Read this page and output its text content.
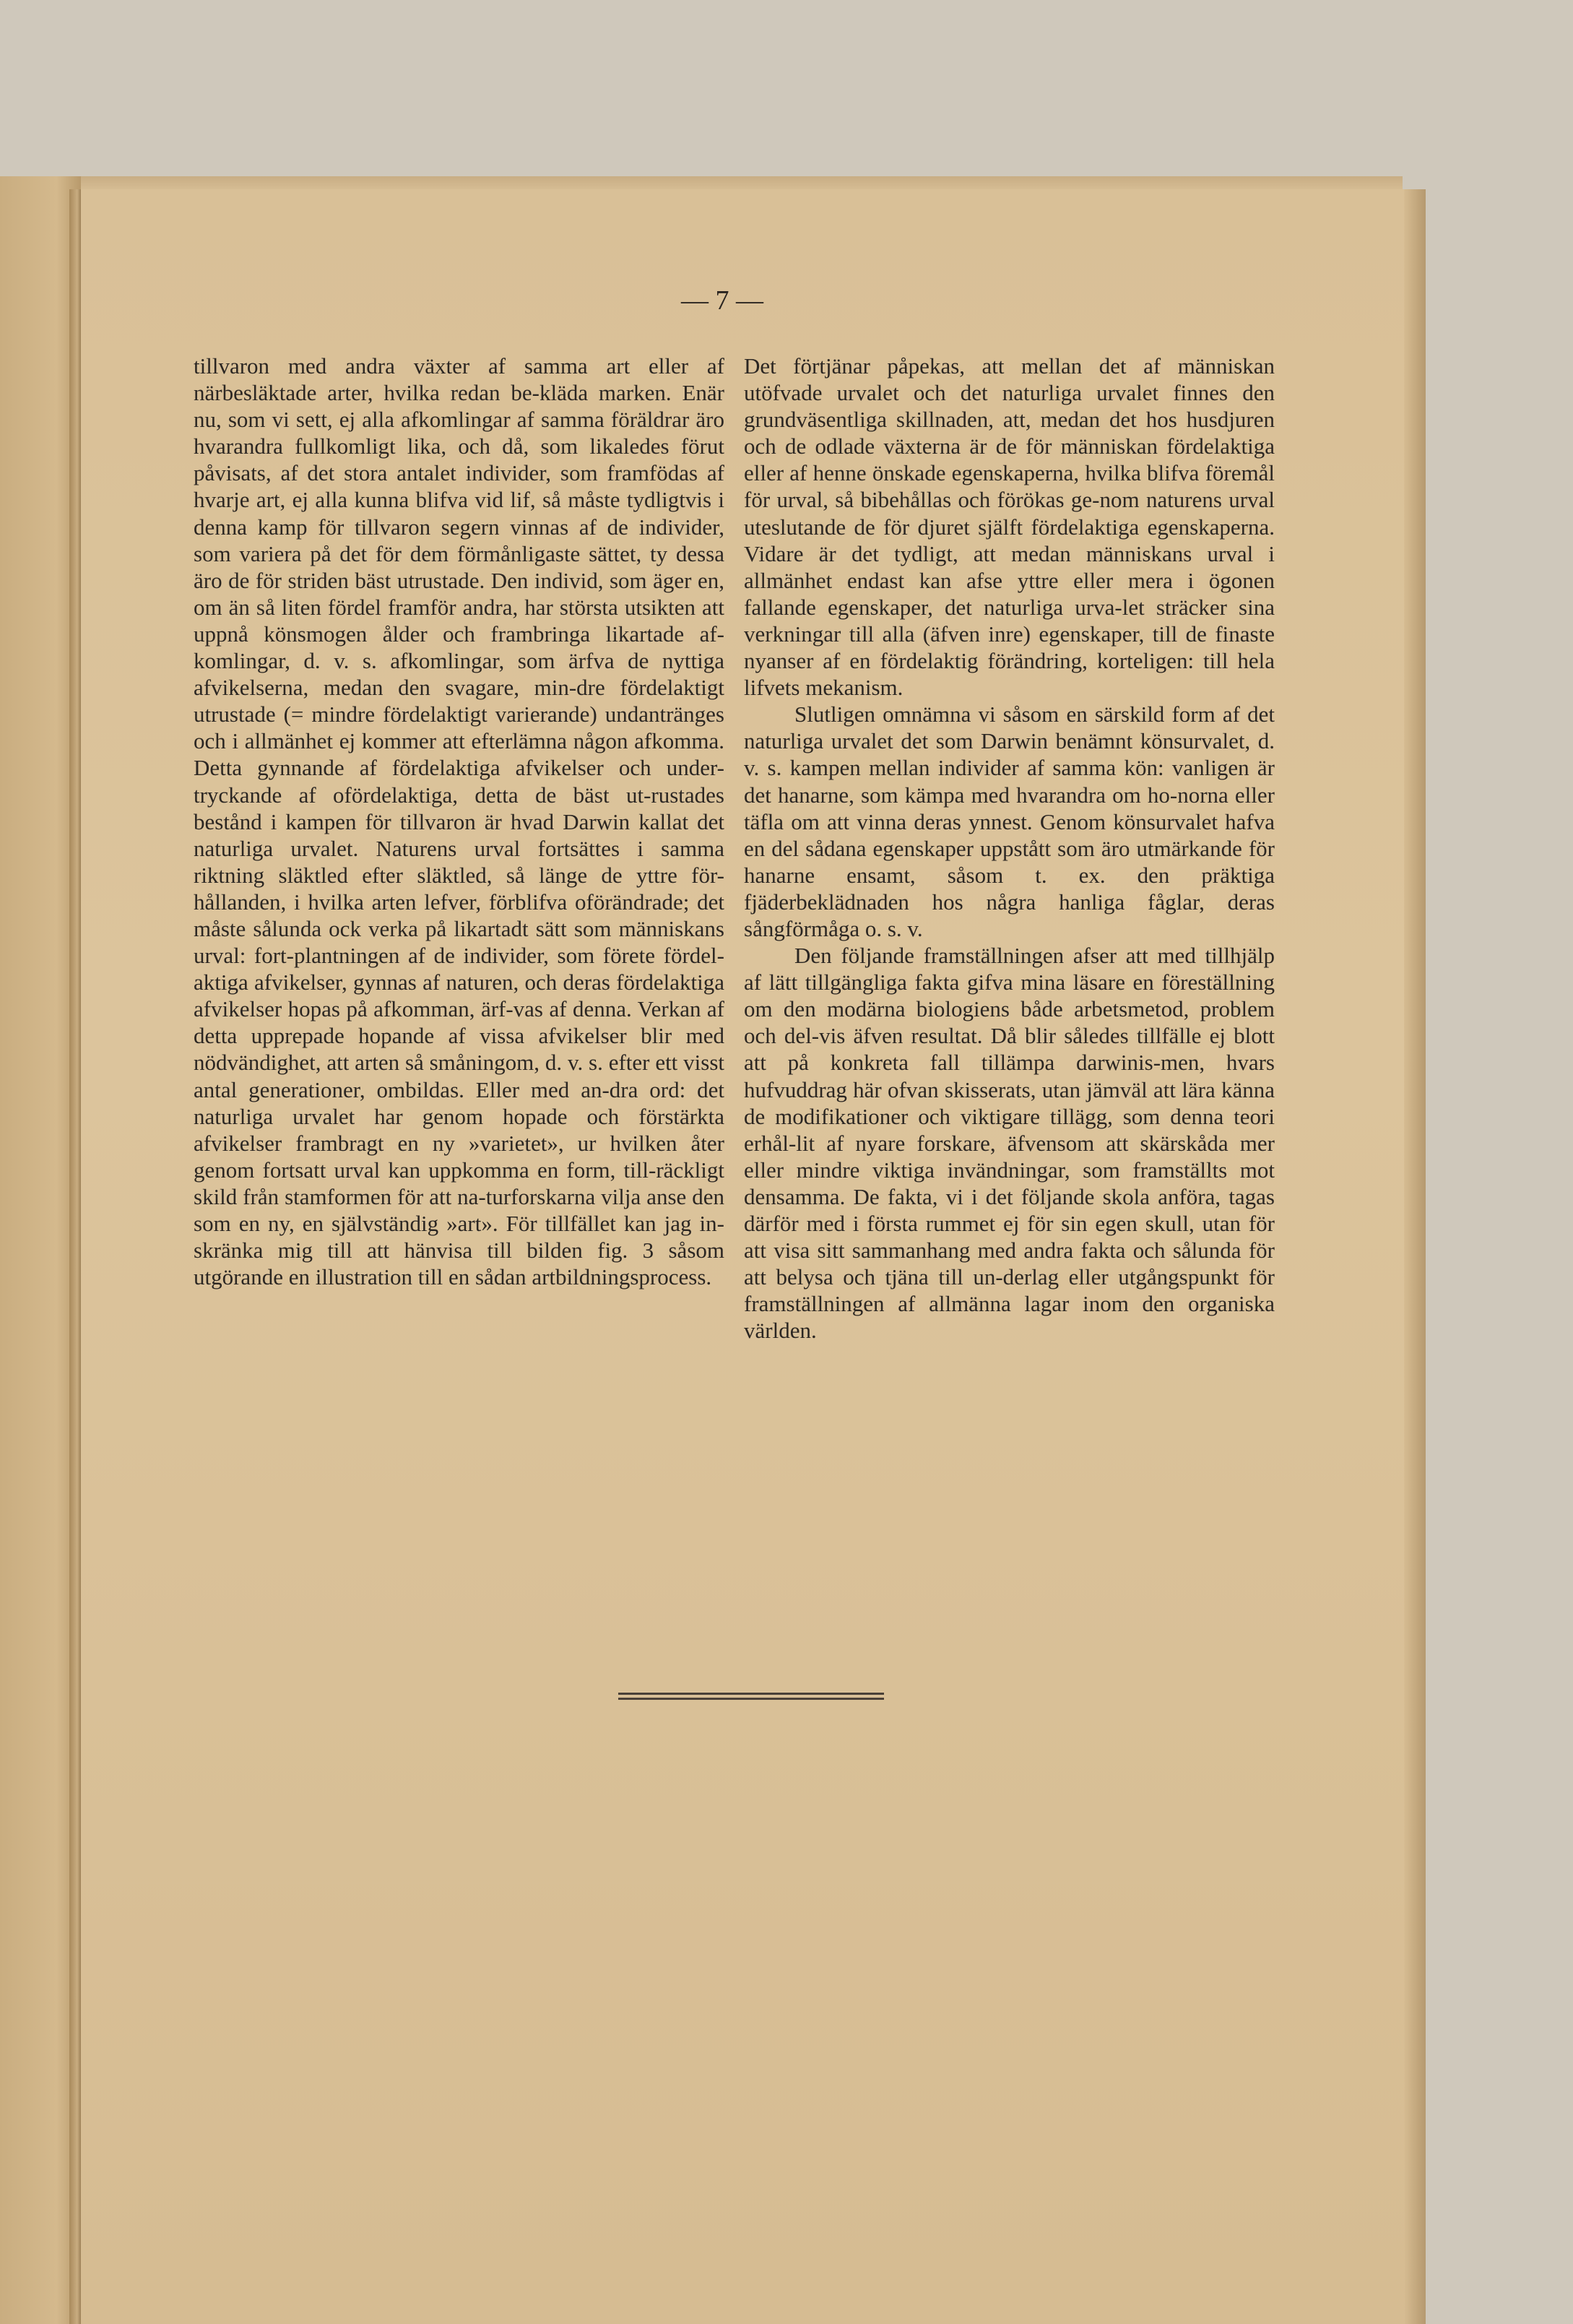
— 7 —

tillvaron med andra växter af samma art eller af närbesläktade arter, hvilka redan be-kläda marken. Enär nu, som vi sett, ej alla afkomlingar af samma föräldrar äro hvarandra fullkomligt lika, och då, som likaledes förut påvisats, af det stora antalet individer, som framfödas af hvarje art, ej alla kunna blifva vid lif, så måste tydligtvis i denna kamp för tillvaron segern vinnas af de individer, som variera på det för dem förmånligaste sättet, ty dessa äro de för striden bäst utrustade. Den individ, som äger en, om än så liten fördel framför andra, har största utsikten att uppnå könsmogen ålder och frambringa likartade af-komlingar, d. v. s. afkomlingar, som ärfva de nyttiga afvikelserna, medan den svagare, min-dre fördelaktigt utrustade (= mindre fördelaktigt varierande) undantränges och i allmänhet ej kommer att efterlämna någon afkomma. Detta gynnande af fördelaktiga afvikelser och under-tryckande af ofördelaktiga, detta de bäst ut-rustades bestånd i kampen för tillvaron är hvad Darwin kallat det naturliga urvalet. Naturens urval fortsättes i samma riktning släktled efter släktled, så länge de yttre för-hållanden, i hvilka arten lefver, förblifva oförändrade; det måste sålunda ock verka på likartadt sätt som människans urval: fort-plantningen af de individer, som förete fördel-aktiga afvikelser, gynnas af naturen, och deras fördelaktiga afvikelser hopas på afkomman, ärf-vas af denna. Verkan af detta upprepade hopande af vissa afvikelser blir med nödvändighet, att arten så småningom, d. v. s. efter ett visst antal generationer, ombildas. Eller med an-dra ord: det naturliga urvalet har genom hopade och förstärkta afvikelser frambragt en ny »varietet», ur hvilken åter genom fortsatt urval kan uppkomma en form, till-räckligt skild från stamformen för att na-turforskarna vilja anse den som en ny, en självständig »art». För tillfället kan jag in-skränka mig till att hänvisa till bilden fig. 3 såsom utgörande en illustration till en sådan artbildningsprocess.

Det förtjänar påpekas, att mellan det af människan utöfvade urvalet och det naturliga urvalet finnes den grundväsentliga skillnaden, att, medan det hos husdjuren och de odlade växterna är de för människan fördelaktiga eller af henne önskade egenskaperna, hvilka blifva föremål för urval, så bibehållas och förökas ge-nom naturens urval uteslutande de för djuret själft fördelaktiga egenskaperna. Vidare är det tydligt, att medan människans urval i allmänhet endast kan afse yttre eller mera i ögonen fallande egenskaper, det naturliga urva-let sträcker sina verkningar till alla (äfven inre) egenskaper, till de finaste nyanser af en fördelaktig förändring, korteligen: till hela lifvets mekanism.

Slutligen omnämna vi såsom en särskild form af det naturliga urvalet det som Darwin benämnt könsurvalet, d. v. s. kampen mellan individer af samma kön: vanligen är det hanarne, som kämpa med hvarandra om ho-norna eller täfla om att vinna deras ynnest. Genom könsurvalet hafva en del sådana egenskaper uppstått som äro utmärkande för hanarne ensamt, såsom t. ex. den präktiga fjäderbeklädnaden hos några hanliga fåglar, deras sångförmåga o. s. v.

Den följande framställningen afser att med tillhjälp af lätt tillgängliga fakta gifva mina läsare en föreställning om den modärna biologiens både arbetsmetod, problem och del-vis äfven resultat. Då blir således tillfälle ej blott att på konkreta fall tillämpa darwinis-men, hvars hufvuddrag här ofvan skisserats, utan jämväl att lära känna de modifikationer och viktigare tillägg, som denna teori erhål-lit af nyare forskare, äfvensom att skärskåda mer eller mindre viktiga invändningar, som framställts mot densamma. De fakta, vi i det följande skola anföra, tagas därför med i första rummet ej för sin egen skull, utan för att visa sitt sammanhang med andra fakta och sålunda för att belysa och tjäna till un-derlag eller utgångspunkt för framställningen af allmänna lagar inom den organiska världen.
